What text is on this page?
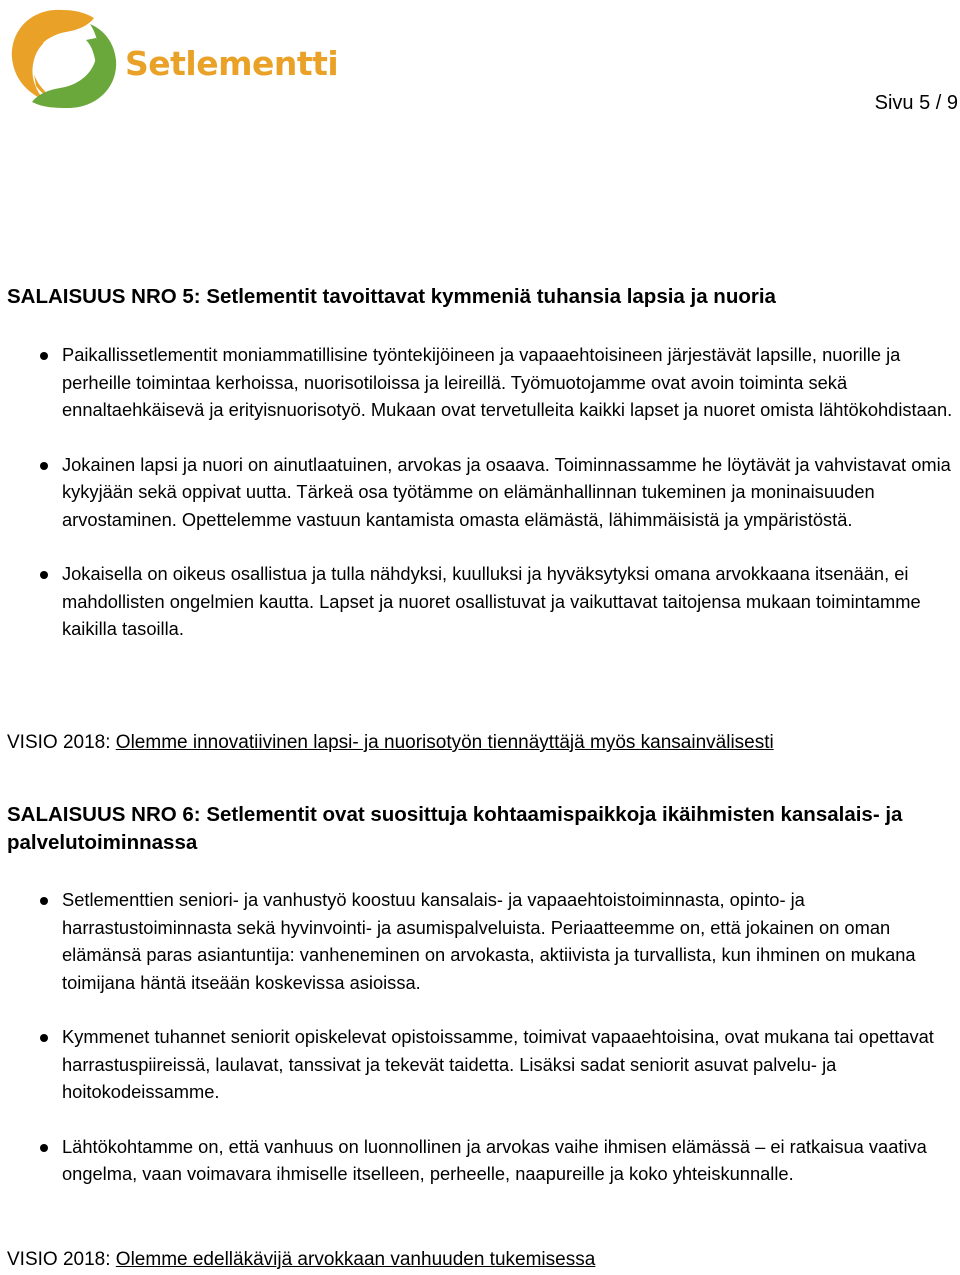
Setlementti
Sivu 5 / 9
SALAISUUS NRO 5: Setlementit tavoittavat kymmeniä tuhansia lapsia ja nuoria
Paikallissetlementit moniammatillisine työntekijöineen ja vapaaehtoisineen järjestävät lapsille, nuorille ja perheille toimintaa kerhoissa, nuorisotiloissa ja leireillä. Työmuotojamme ovat avoin toiminta sekä ennaltaehkäisevä ja erityisnuorisotyö. Mukaan ovat tervetulleita kaikki lapset ja nuoret omista lähtökohdistaan.
Jokainen lapsi ja nuori on ainutlaatuinen, arvokas ja osaava. Toiminnassamme he löytävät ja vahvistavat omia kykyjään sekä oppivat uutta. Tärkeä osa työtämme on elämänhallinnan tukeminen ja moninaisuuden arvostaminen. Opettelemme vastuun kantamista omasta elämästä, lähimmäisistä ja ympäristöstä.
Jokaisella on oikeus osallistua ja tulla nähdyksi, kuulluksi ja hyväksytyksi omana arvokkaana itsenään, ei mahdollisten ongelmien kautta. Lapset ja nuoret osallistuvat ja vaikuttavat taitojensa mukaan toimintamme kaikilla tasoilla.
VISIO 2018: Olemme innovatiivinen lapsi- ja nuorisotyön tiennäyttäjä myös kansainvälisesti
SALAISUUS NRO 6: Setlementit ovat suosittuja kohtaamispaikkoja ikäihmisten kansalais- ja palvelutoiminnassa
Setlementtien seniori- ja vanhustyö koostuu kansalais- ja vapaaehtoistoiminnasta, opinto- ja harrastustoiminnasta sekä hyvinvointi- ja asumispalveluista. Periaatteemme on, että jokainen on oman elämänsä paras asiantuntija: vanheneminen on arvokasta, aktiivista ja turvallista, kun ihminen on mukana toimijana häntä itseään koskevissa asioissa.
Kymmenet tuhannet seniorit opiskelevat opistoissamme, toimivat vapaaehtoisina, ovat mukana tai opettavat harrastuspiireissä, laulavat, tanssivat ja tekevät taidetta. Lisäksi sadat seniorit asuvat palvelu- ja hoitokodeissamme.
Lähtökohtamme on, että vanhuus on luonnollinen ja arvokas vaihe ihmisen elämässä – ei ratkaisua vaativa ongelma, vaan voimavara ihmiselle itselleen, perheelle, naapureille ja koko yhteiskunnalle.
VISIO 2018: Olemme edelläkävijä arvokkaan vanhuuden tukemisessa
